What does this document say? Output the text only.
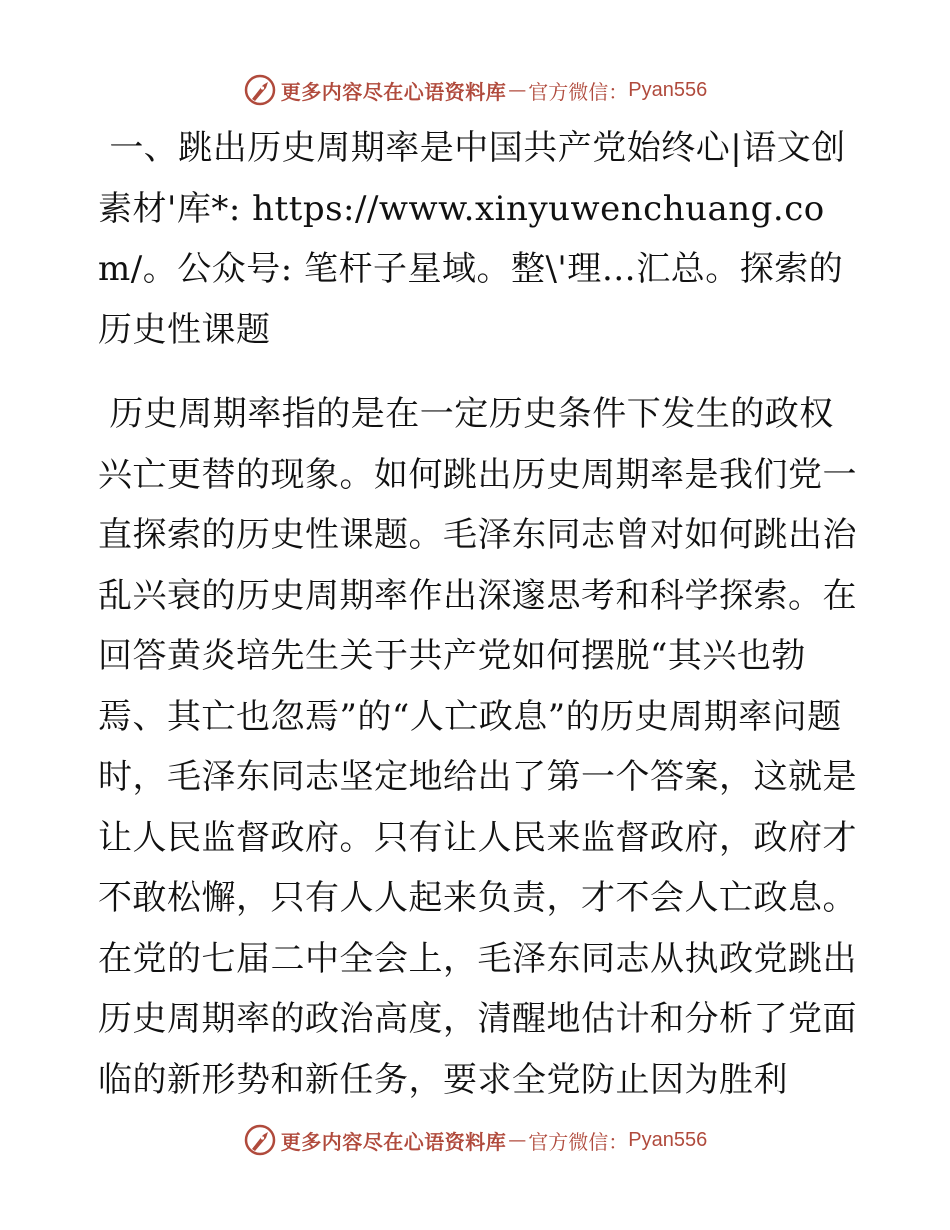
更多内容尽在心语资料库 — 官方微信： Pyan556

一、跳出历史周期率是中国共产党始终心|语文创素材'库*: https://www.xinyuwenchuang.com/。公众号: 笔杆子星域。整\'理…汇总。探索的历史性课题

历史周期率指的是在一定历史条件下发生的政权兴亡更替的现象。如何跳出历史周期率是我们党一直探索的历史性课题。毛泽东同志曾对如何跳出治乱兴衰的历史周期率作出深邃思考和科学探索。在回答黄炎培先生关于共产党如何摆脱“其兴也勃焉、其亡也忽焉”的“人亡政息”的历史周期率问题时，毛泽东同志坚定地给出了第一个答案，这就是让人民监督政府。只有让人民来监督政府，政府才不敢松懈，只有人人起来负责，才不会人亡政息。在党的七届二中全会上，毛泽东同志从执政党跳出历史周期率的政治高度，清醒地估计和分析了党面临的新形势和新任务，要求全党防止因为胜利

更多内容尽在心语资料库 — 官方微信： Pyan556
